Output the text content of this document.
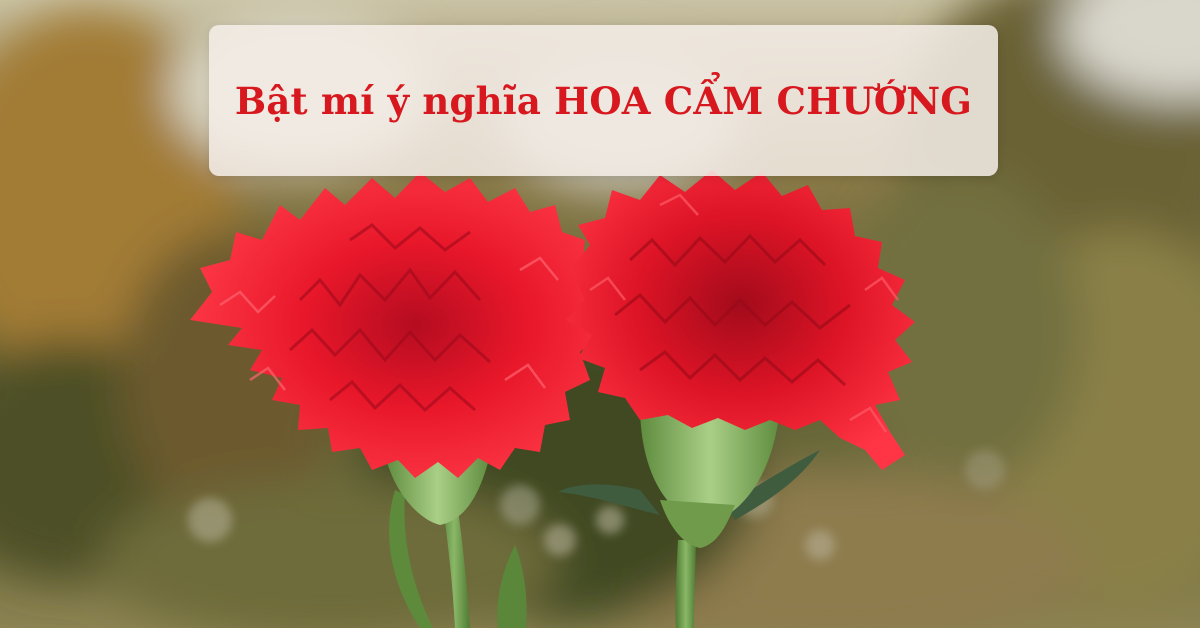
Bật mí ý nghĩa HOA CẨM CHƯỚNG
